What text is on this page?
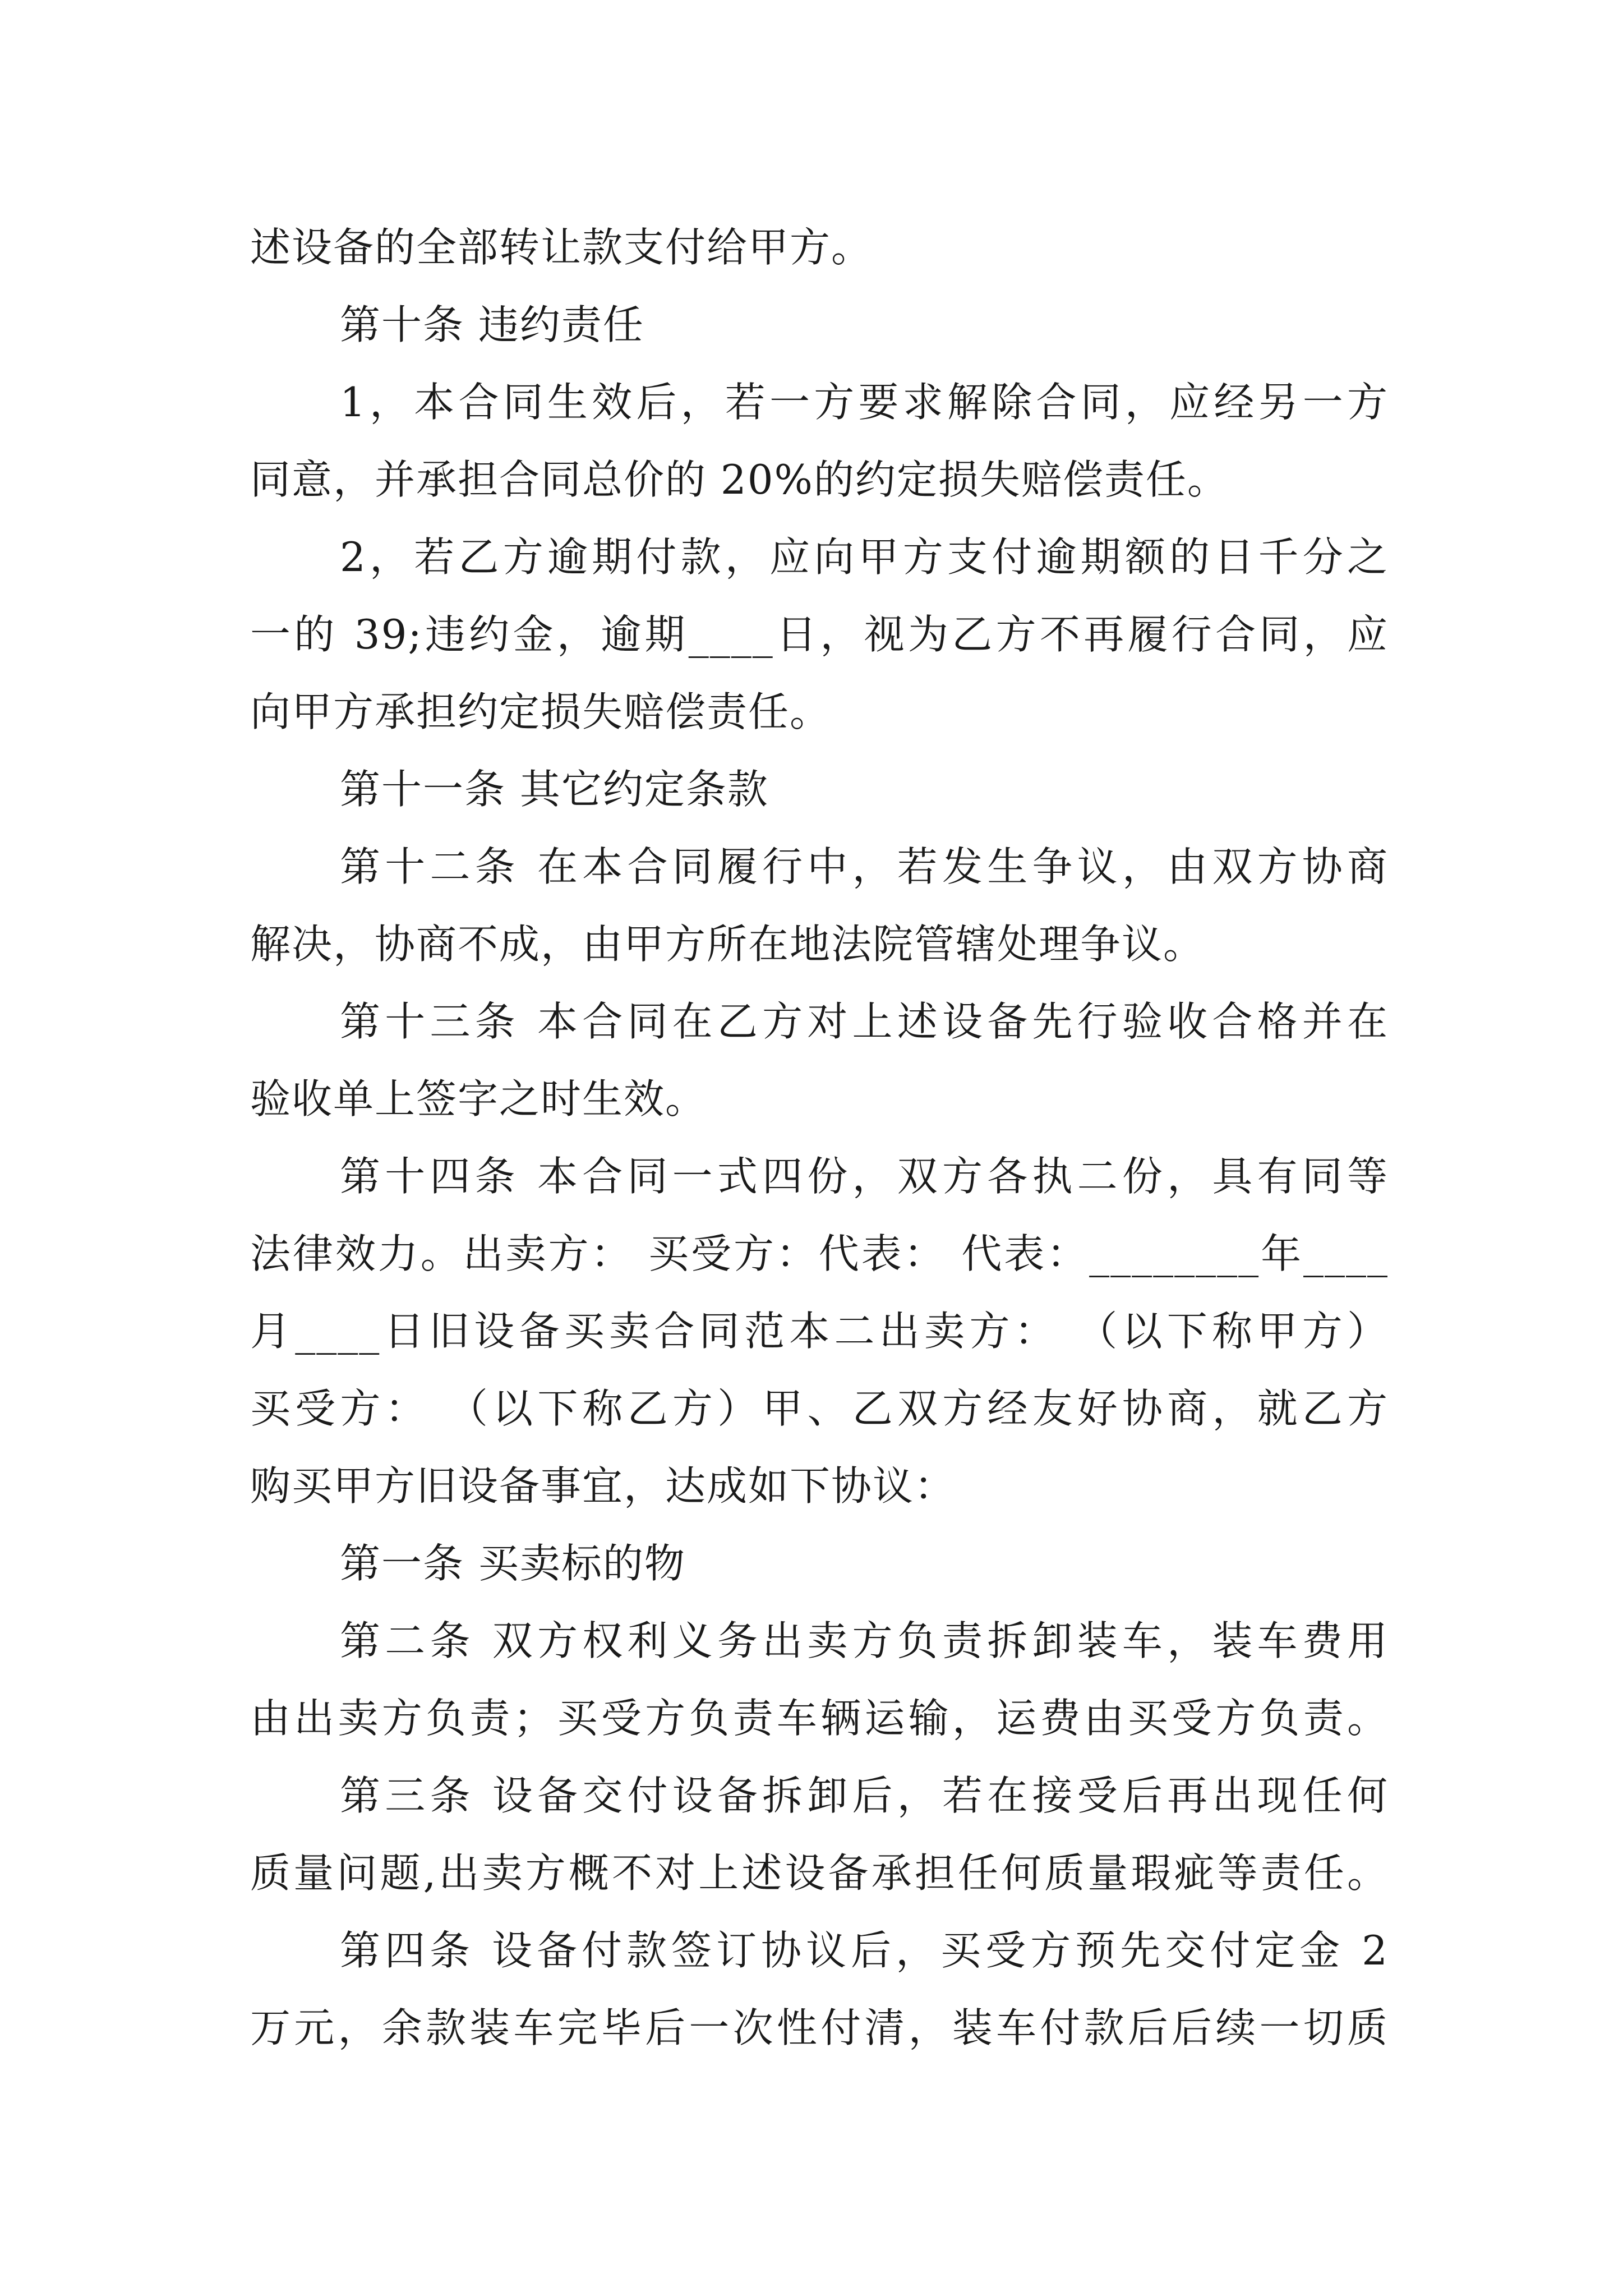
述设备的全部转让款支付给甲方。
第十条 违约责任
1，本合同生效后，若一方要求解除合同，应经另一方
同意，并承担合同总价的 20%的约定损失赔偿责任。
2，若乙方逾期付款，应向甲方支付逾期额的日千分之
一的 39;违约金，逾期____日，视为乙方不再履行合同，应
向甲方承担约定损失赔偿责任。
第十一条 其它约定条款
第十二条 在本合同履行中，若发生争议，由双方协商
解决，协商不成，由甲方所在地法院管辖处理争议。
第十三条 本合同在乙方对上述设备先行验收合格并在
验收单上签字之时生效。
第十四条 本合同一式四份，双方各执二份，具有同等
法律效力。出卖方： 买受方：代表： 代表：________年____
月____日旧设备买卖合同范本二出卖方： （以下称甲方）
买受方： （以下称乙方）甲、乙双方经友好协商，就乙方
购买甲方旧设备事宜，达成如下协议：
第一条 买卖标的物
第二条 双方权利义务出卖方负责拆卸装车，装车费用
由出卖方负责；买受方负责车辆运输，运费由买受方负责。
第三条 设备交付设备拆卸后，若在接受后再出现任何
质量问题,出卖方概不对上述设备承担任何质量瑕疵等责任。
第四条 设备付款签订协议后，买受方预先交付定金 2
万元，余款装车完毕后一次性付清，装车付款后后续一切质
